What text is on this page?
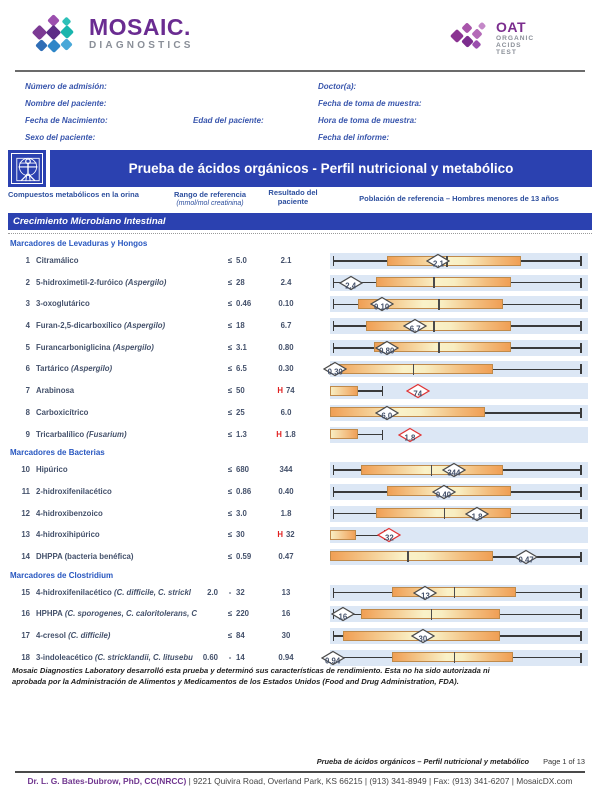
MOSAIC.
DIAGNOSTICS
OAT
ORGANIC ACIDS TEST
Número de admisión:
Nombre del paciente:
Fecha de Nacimiento:
Sexo del paciente:
Edad del paciente:
Doctor(a):
Fecha de toma de muestra:
Hora de toma de muestra:
Fecha del informe:
Prueba de ácidos orgánicos - Perfil nutricional y metabólico
Compuestos metabólicos en la orina	Rango de referencia
(mmol/mol creatinina)
Resultado del
paciente	Población de referencia – Hombres menores de 13 años
Crecimiento Microbiano Intestinal
Marcadores de Levaduras y Hongos
1 Citramálico	≤ 5.0	2.1	2.1
2 5-hidroximetil-2-furóico (Aspergilo)	≤ 28	2.4	2.4
3 3-oxoglutárico	≤ 0.46	0.10	0.10
4 Furan-2,5-dicarboxílico (Aspergilo)	≤ 18	6.7	6.7
5 Furancarboniglicina (Aspergilo)	≤ 3.1	0.80	0.80
6 Tartárico (Aspergilo)	≤ 6.5	0.30	0.30
7 Arabinosa	≤ 50	H 74	74
8 Carboxicítrico	≤ 25	6.0	6.0
9 Tricarbalílico (Fusarium)	≤ 1.3	H 1.8	1.8
Marcadores de Bacterias
10 Hipúrico	≤ 680	344	344
11 2-hidroxifenilacético	≤ 0.86	0.40	0.40
12 4-hidroxibenzoico	≤ 3.0	1.8	1.8
13 4-hidroxihipúrico	≤ 30	H 32	32
14 DHPPA (bacteria benéfica)	≤ 0.59	0.47	0.47
Marcadores de Clostridium
15 4-hidroxifenilacético (C. difficile, C. strickl	2.0	- 32	13	13
16 HPHPA (C. sporogenes, C. caloritolerans, C	≤ 220	16	16
17 4-cresol (C. difficile)	≤ 84	30	30
18 3-indoleacético (C. stricklandii, C. litusebu	0.60	- 14	0.94	0.94
Mosaic Diagnostics Laboratory desarrolló esta prueba y determinó sus características de rendimiento. Esta no ha sido autorizada ni
aprobada por la Administración de Alimentos y Medicamentos de los Estados Unidos (Food and Drug Administration, FDA).
Prueba de ácidos orgánicos – Perfil nutricional y metabólico Page 1 of 13
Dr. L. G. Bates-Dubrow, PhD, CC(NRCC) | 9221 Quivira Road, Overland Park, KS 66215 | (913) 341-8949 | Fax: (913) 341-6207 | MosaicDX.com
